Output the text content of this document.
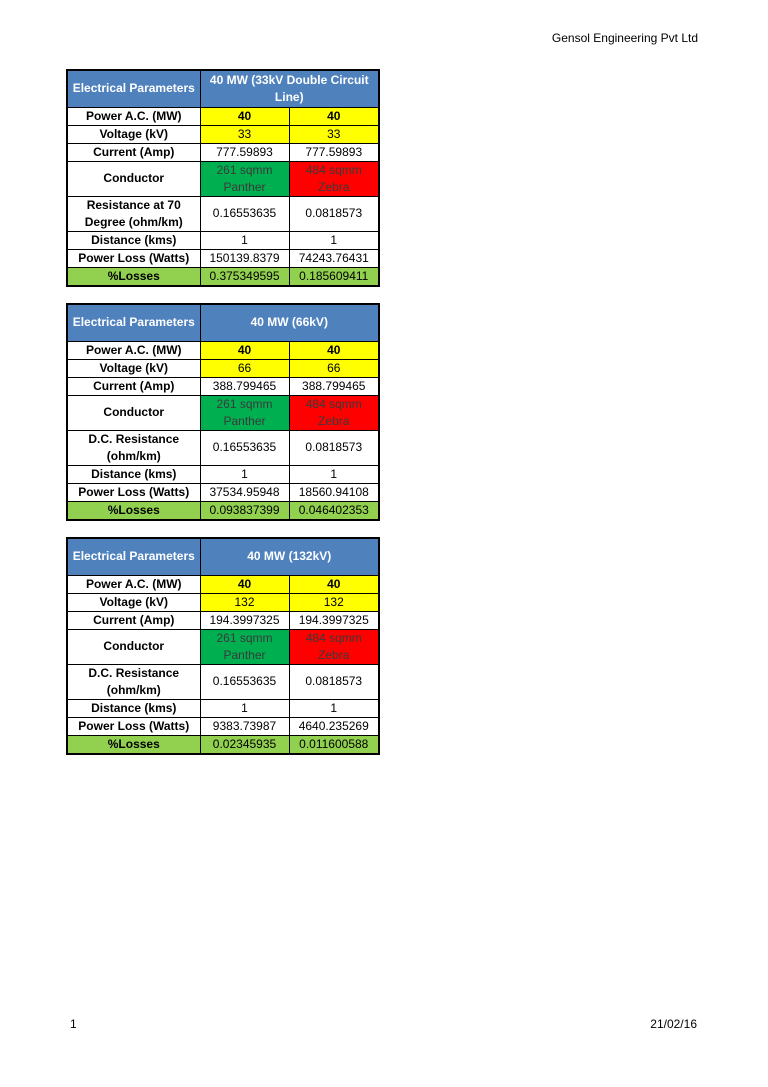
Gensol Engineering Pvt Ltd
Electrical Parameters	40 MW (33kV Double Circuit Line)	
Power A.C. (MW)	40	40
Voltage (kV)	33	33
Current (Amp)	777.59893	777.59893
Conductor	261 sqmm Panther	484 sqmm Zebra
Resistance at 70 Degree (ohm/km)	0.16553635	0.0818573
Distance (kms)	1	1
Power Loss (Watts)	150139.8379	74243.76431
%Losses	0.375349595	0.185609411
Electrical Parameters	40 MW (66kV)	
Power A.C. (MW)	40	40
Voltage (kV)	66	66
Current (Amp)	388.799465	388.799465
Conductor	261 sqmm Panther	484 sqmm Zebra
D.C. Resistance (ohm/km)	0.16553635	0.0818573
Distance (kms)	1	1
Power Loss (Watts)	37534.95948	18560.94108
%Losses	0.093837399	0.046402353
Electrical Parameters	40 MW (132kV)	
Power A.C. (MW)	40	40
Voltage (kV)	132	132
Current (Amp)	194.3997325	194.3997325
Conductor	261 sqmm Panther	484 sqmm Zebra
D.C. Resistance (ohm/km)	0.16553635	0.0818573
Distance (kms)	1	1
Power Loss (Watts)	9383.73987	4640.235269
%Losses	0.02345935	0.011600588
1	21/02/16
